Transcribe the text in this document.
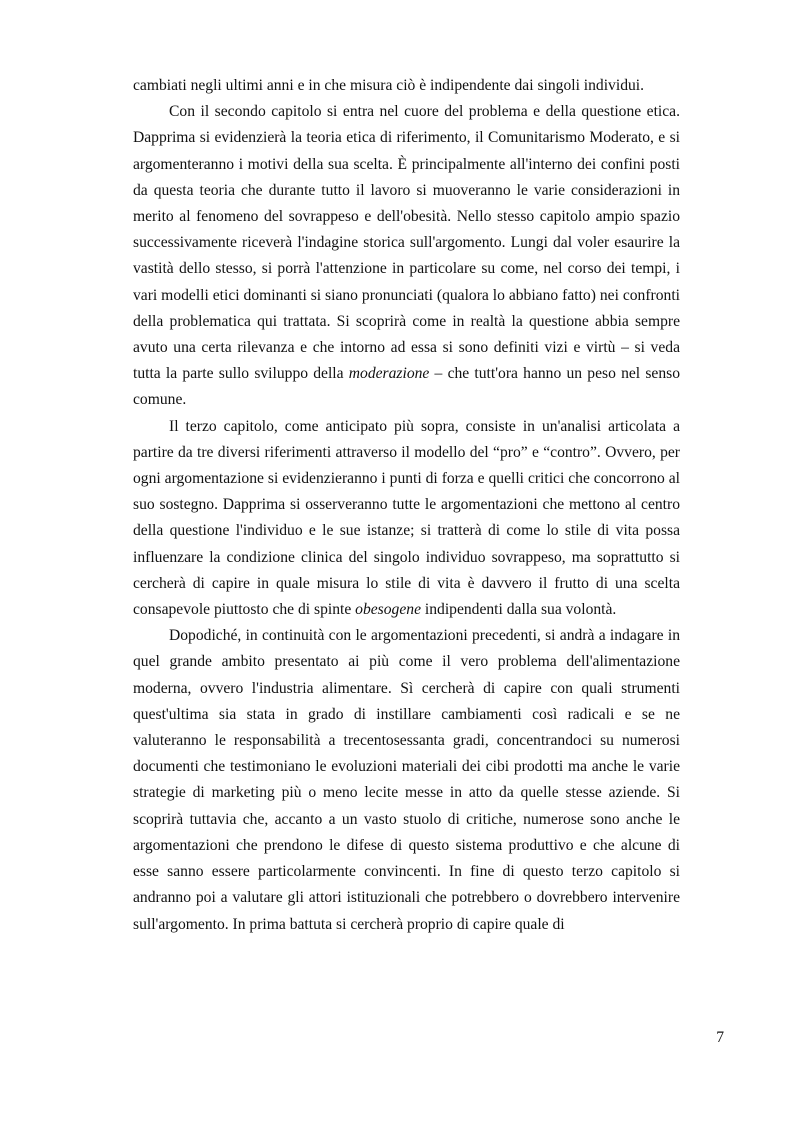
cambiati negli ultimi anni e in che misura ciò è indipendente dai singoli individui.

Con il secondo capitolo si entra nel cuore del problema e della questione etica. Dapprima si evidenzierà la teoria etica di riferimento, il Comunitarismo Moderato, e si argomenteranno i motivi della sua scelta. È principalmente all'interno dei confini posti da questa teoria che durante tutto il lavoro si muoveranno le varie considerazioni in merito al fenomeno del sovrappeso e dell'obesità. Nello stesso capitolo ampio spazio successivamente riceverà l'indagine storica sull'argomento. Lungi dal voler esaurire la vastità dello stesso, si porrà l'attenzione in particolare su come, nel corso dei tempi, i vari modelli etici dominanti si siano pronunciati (qualora lo abbiano fatto) nei confronti della problematica qui trattata. Si scoprirà come in realtà la questione abbia sempre avuto una certa rilevanza e che intorno ad essa si sono definiti vizi e virtù – si veda tutta la parte sullo sviluppo della moderazione – che tutt'ora hanno un peso nel senso comune.

Il terzo capitolo, come anticipato più sopra, consiste in un'analisi articolata a partire da tre diversi riferimenti attraverso il modello del “pro” e “contro”. Ovvero, per ogni argomentazione si evidenzieranno i punti di forza e quelli critici che concorrono al suo sostegno. Dapprima si osserveranno tutte le argomentazioni che mettono al centro della questione l'individuo e le sue istanze; si tratterà di come lo stile di vita possa influenzare la condizione clinica del singolo individuo sovrappeso, ma soprattutto si cercherà di capire in quale misura lo stile di vita è davvero il frutto di una scelta consapevole piuttosto che di spinte obesogene indipendenti dalla sua volontà.

Dopodiché, in continuità con le argomentazioni precedenti, si andrà a indagare in quel grande ambito presentato ai più come il vero problema dell'alimentazione moderna, ovvero l'industria alimentare. Sì cercherà di capire con quali strumenti quest'ultima sia stata in grado di instillare cambiamenti così radicali e se ne valuteranno le responsabilità a trecentosessanta gradi, concentrandoci su numerosi documenti che testimoniano le evoluzioni materiali dei cibi prodotti ma anche le varie strategie di marketing più o meno lecite messe in atto da quelle stesse aziende. Si scoprirà tuttavia che, accanto a un vasto stuolo di critiche, numerose sono anche le argomentazioni che prendono le difese di questo sistema produttivo e che alcune di esse sanno essere particolarmente convincenti. In fine di questo terzo capitolo si andranno poi a valutare gli attori istituzionali che potrebbero o dovrebbero intervenire sull'argomento. In prima battuta si cercherà proprio di capire quale di

7
